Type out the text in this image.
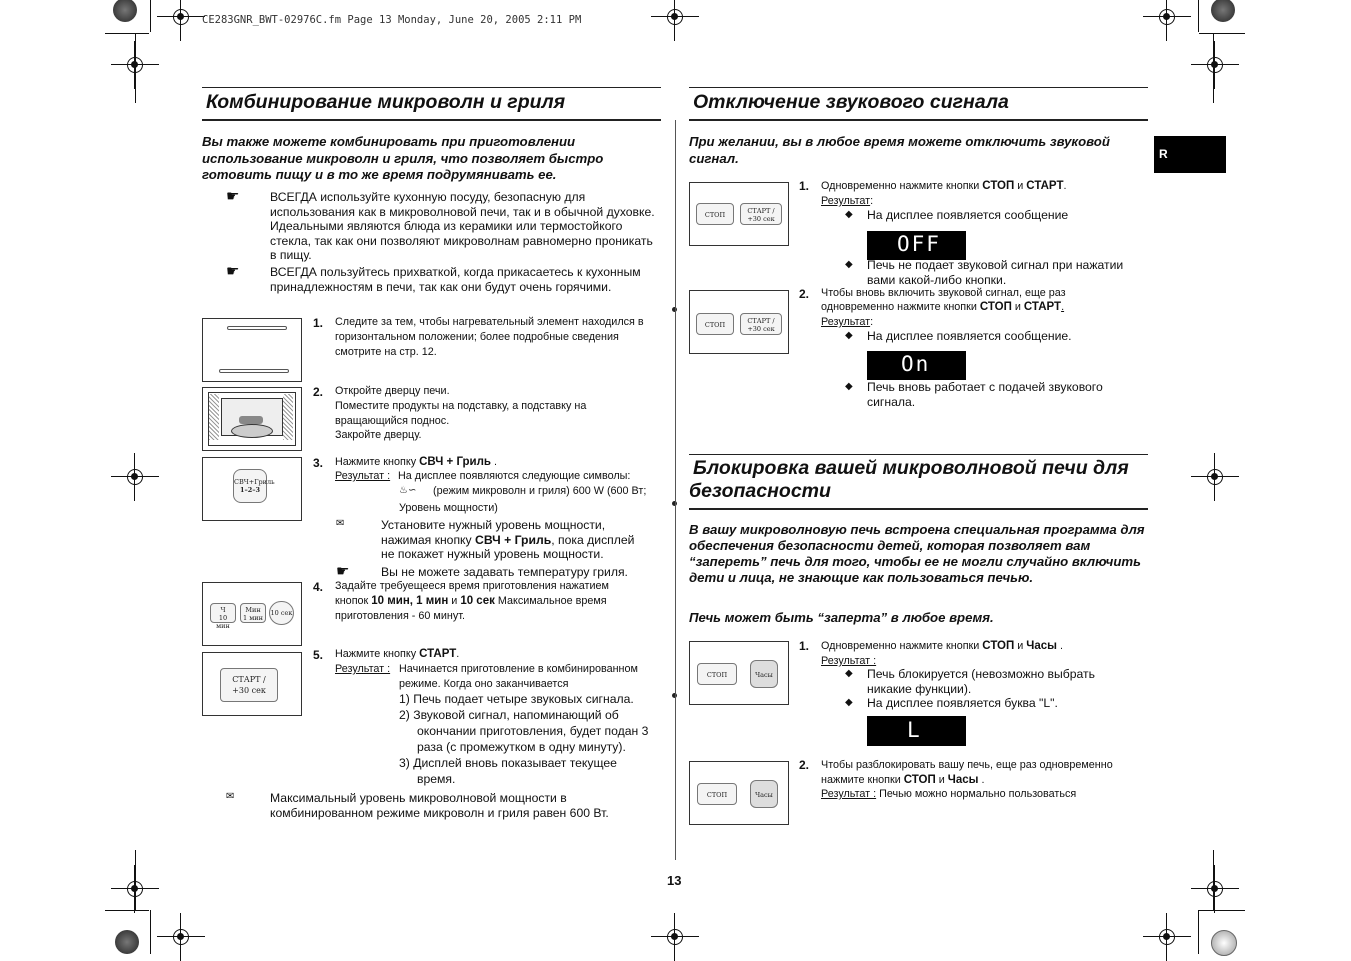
CE283GNR_BWT-02976C.fm Page 13 Monday, June 20, 2005 2:11 PM
R
Комбинирование микроволн и гриля
Вы также можете комбинировать при приготовлении использование микроволн и гриля, что позволяет быстро готовить пищу и в то же время подрумянивать ее.
☛	ВСЕГДА используйте кухонную посуду, безопасную для использования как в микроволновой печи, так и в обычной духовке. Идеальными являются блюда из керамики или термостойкого стекла, так как они позволяют микроволнам равномерно проникать в пищу.
☛	ВСЕГДА пользуйтесь прихваткой, когда прикасаетесь к кухонным принадлежностям в печи, так как они будут очень горячими.
1. Следите за тем, чтобы нагревательный элемент находился в
горизонтальном положении; более подробные сведения
смотрите на стр. 12.
2. Откройте дверцу печи.
Поместите продукты на подставку, а подставку на
вращающийся поднос.
Закройте дверцу.
СВЧ+Гриль
1–2–3
3. Нажмите кнопку СВЧ + Гриль .
Результат : На дисплее появляются следующие символы:
♨∽ (режим микроволн и гриля) 600 W (600 Вт;
Уровень мощности)
✉	Установите нужный уровень мощности,
нажимая кнопку СВЧ + Гриль, пока дисплей
не покажет нужный уровень мощности.
☛	Вы не можете задавать температуру гриля.
Ч
10 мин
Мин
1 мин
10 сек
4. Задайте требуещееся время приготовления нажатием
кнопок 10 мин, 1 мин и 10 сек Максимальное время
приготовления - 60 минут.
СТАРТ /
+30 сек
5. Нажмите кнопку СТАРТ.
Результат : Начинается приготовление в комбинированном
режиме. Когда оно заканчивается
1) Печь подает четыре звуковых сигнала.
2) Звуковой сигнал, напоминающий об
окончании приготовления, будет подан 3
раза (с промежутком в одну минуту).
3) Дисплей вновь показывает текущее
время.
✉	Максимальный уровень микроволновой мощности в
комбинированном режиме микроволн и гриля равен 600 Вт.
13
Отключение звукового сигнала
При желании, вы в любое время можете отключить звуковой сигнал.
СТОП	СТАРТ /
+30 сек
1. Одновременно нажмите кнопки СТОП и СТАРТ.
Результат:
◆ На дисплее появляется сообщение
OFF
◆ Печь не подает звуковой сигнал при нажатии
вами какой-либо кнопки.
СТОП	СТАРТ /
+30 сек
2. Чтобы вновь включить звуковой сигнал, еще раз
одновременно нажмите кнопки СТОП и СТАРТ.
Результат:
◆ На дисплее появляется сообщение.
On
◆ Печь вновь работает с подачей звукового
сигнала.
Блокировка вашей микроволновой печи для
безопасности
В вашу микроволновую печь встроена специальная программа для обеспечения безопасности детей, которая позволяет вам “запереть” печь для того, чтобы ее не могли случайно включить дети и лица, не знающие как пользоваться печью.
Печь может быть “заперта” в любое время.
СТОП	Часы
1. Одновременно нажмите кнопки СТОП и Часы .
Результат :
◆ Печь блокируется (невозможно выбрать
никакие функции).
◆ На дисплее появляется буква "L".
L
СТОП	Часы
2. Чтобы разблокировать вашу печь, еще раз одновременно
нажмите кнопки СТОП и Часы .
Результат : Печью можно нормально пользоваться
